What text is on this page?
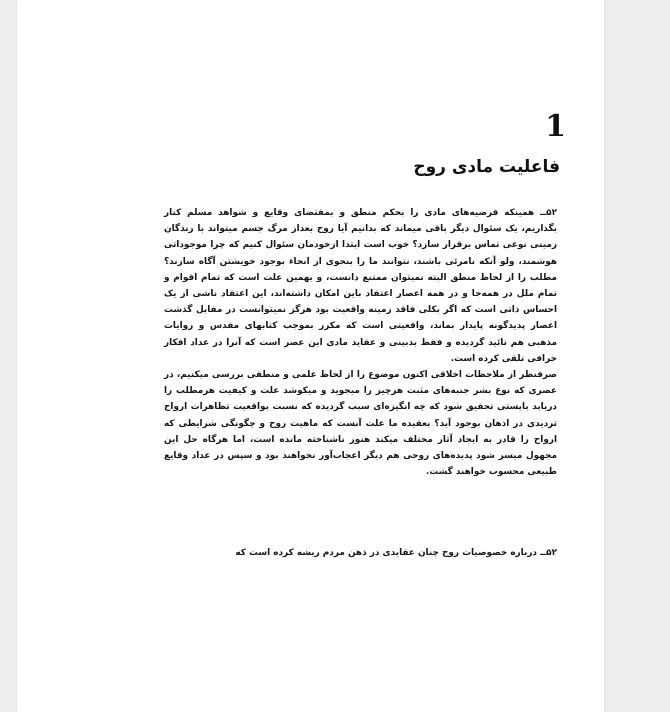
1
فاعلیت مادی روح

۵۲ــ همینکه فرضیه‌های مادی را بحکم منطق و بمقتضای وقایع و شواهد مسلم کنار بگذاریم، یک سئوال دیگر باقی میماند که بدانیم آیا روح بعداز مرگ جسم میتواند با زندگان زمینی نوعی تماس برقرار سازد؟ خوب است ابتدا ازخودمان سئوال کنیم که چرا موجوداتی هوشمند، ولو آنکه نامرئی باشند، نتوانند ما را بنحوی از انحاء بوجود خویشتن آگاه سازند؟ مطلب را از لحاظ منطق البته نمیتوان ممتنع دانست، و بهمین علت است که تمام اقوام و تمام ملل در همه‌جا و در همه اعصار اعتقاد باین امکان داشته‌اند، این اعتقاد ناشی از یک احساس ذاتی است که اگر بکلی فاقد زمینه واقعیت بود هرگز نمیتوانست در مقابل گذشت اعصار پدیدگونه پایدار بماند، واقعیتی است که مکرر بموجب کتابهای مقدس و روایات مذهبی هم تائید گردیده و فقط بدبینی و عقاید مادی این عصر است که آنرا در عداد افکار خرافی تلقی کرده است.

صرفنظر از ملاحظات اخلاقی اکنون موضوع را از لحاظ علمی و منطقی بررسی میکنیم، در عصری که نوع بشر جنبه‌های مثبت هرچیز را میجوید و میکوشد علت و کیفیت هرمطلب را دریابد بایستی تحقیق شود که چه انگیزه‌ای سبب گردیده که نسبت بواقعیت تظاهرات ارواح تردیدی در اذهان بوجود آید؟ بعقیده ما علت آنست که ماهیت روح و چگونگی شرایطی که ارواح را قادر به ایجاد آثار مختلف میکند هنوز ناشناخته مانده است، اما هرگاه حل این مجهول میسر شود پدیده‌های روحی هم دیگر اعجاب‌آور نخواهند بود و سپس در عداد وقایع طبیعی محسوب خواهند گشت.

۵۲ــ درباره خصوصیات روح چنان عقایدی در ذهن مردم ریشه کرده است که
